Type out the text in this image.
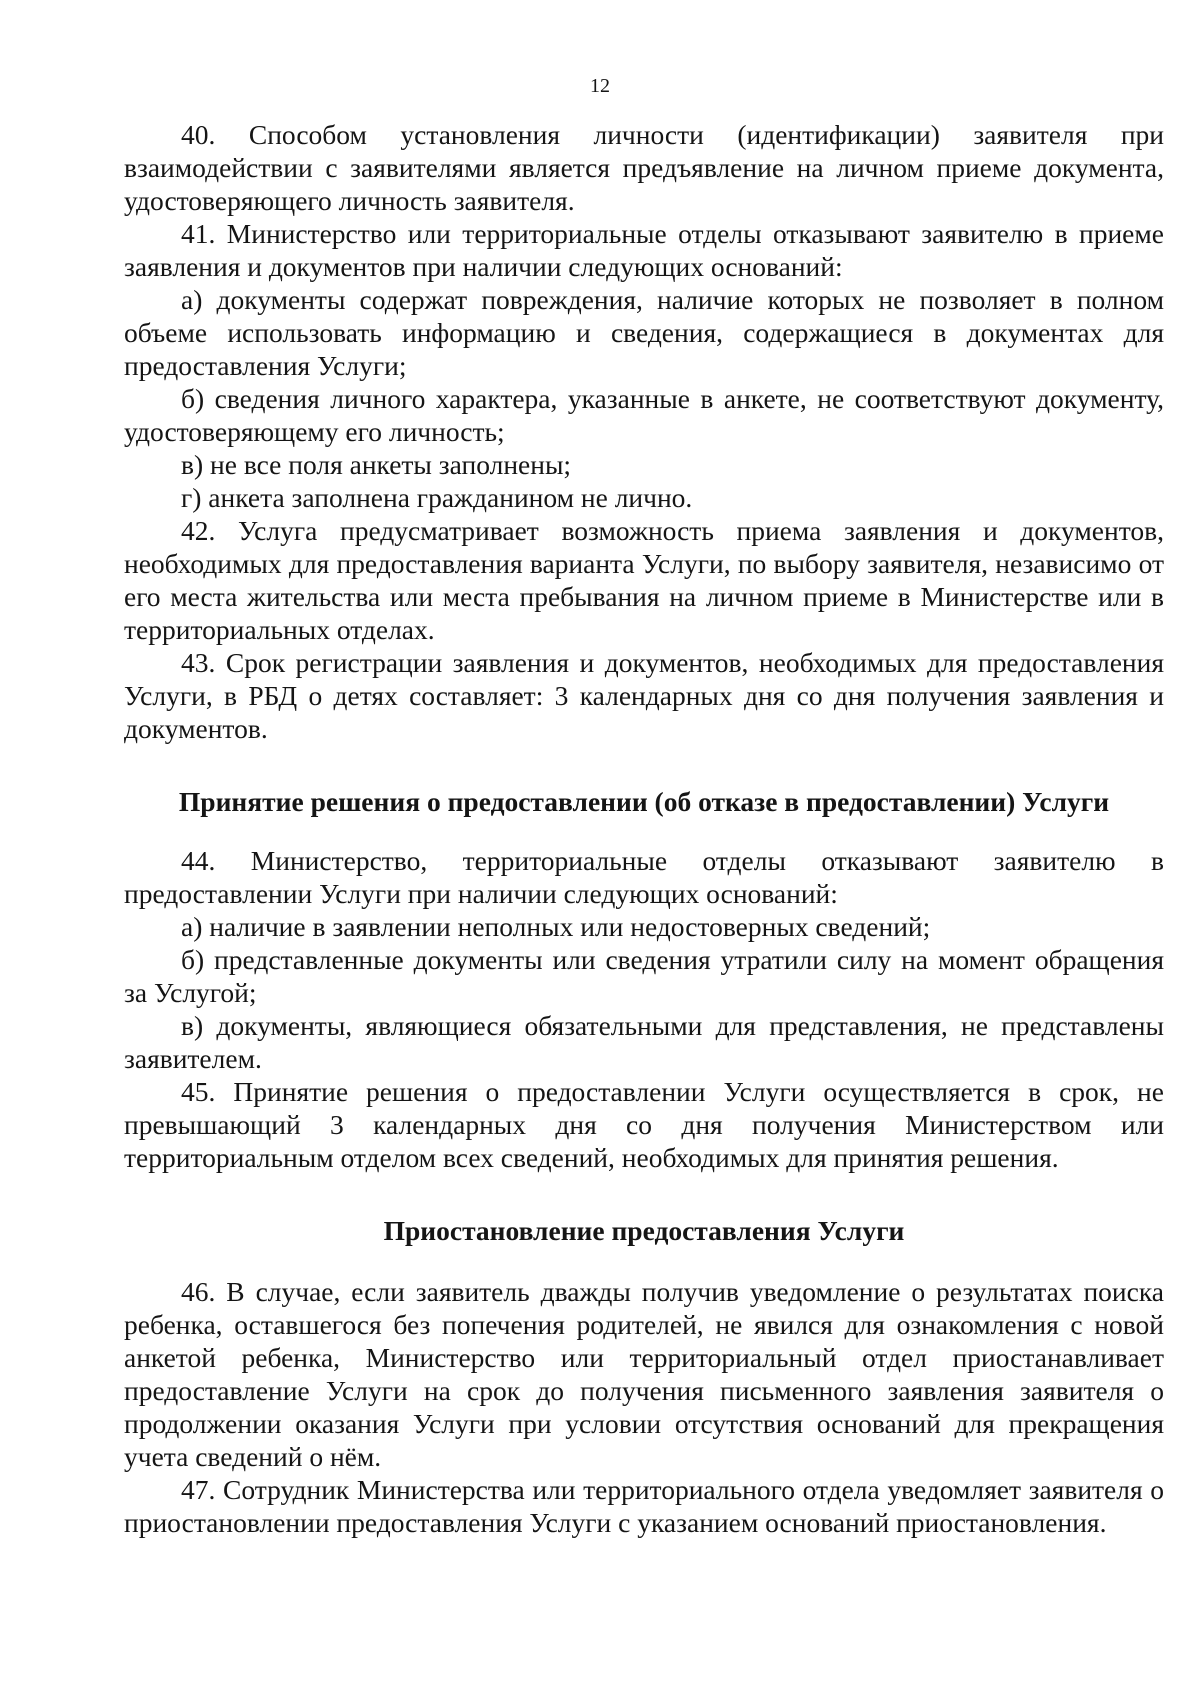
12

40. Способом установления личности (идентификации) заявителя при взаимодействии с заявителями является предъявление на личном приеме документа, удостоверяющего личность заявителя.

41. Министерство или территориальные отделы отказывают заявителю в приеме заявления и документов при наличии следующих оснований:

а) документы содержат повреждения, наличие которых не позволяет в полном объеме использовать информацию и сведения, содержащиеся в документах для предоставления Услуги;

б) сведения личного характера, указанные в анкете, не соответствуют документу, удостоверяющему его личность;

в) не все поля анкеты заполнены;

г) анкета заполнена гражданином не лично.

42. Услуга предусматривает возможность приема заявления и документов, необходимых для предоставления варианта Услуги, по выбору заявителя, независимо от его места жительства или места пребывания на личном приеме в Министерстве или в территориальных отделах.

43. Срок регистрации заявления и документов, необходимых для предоставления Услуги, в РБД о детях составляет: 3 календарных дня со дня получения заявления и документов.

Принятие решения о предоставлении (об отказе в предоставлении) Услуги

44. Министерство, территориальные отделы отказывают заявителю в предоставлении Услуги при наличии следующих оснований:

а) наличие в заявлении неполных или недостоверных сведений;

б) представленные документы или сведения утратили силу на момент обращения за Услугой;

в) документы, являющиеся обязательными для представления, не представлены заявителем.

45. Принятие решения о предоставлении Услуги осуществляется в срок, не превышающий 3 календарных дня со дня получения Министерством или территориальным отделом всех сведений, необходимых для принятия решения.

Приостановление предоставления Услуги

46. В случае, если заявитель дважды получив уведомление о результатах поиска ребенка, оставшегося без попечения родителей, не явился для ознакомления с новой анкетой ребенка, Министерство или территориальный отдел приостанавливает предоставление Услуги на срок до получения письменного заявления заявителя о продолжении оказания Услуги при условии отсутствия оснований для прекращения учета сведений о нём.

47. Сотрудник Министерства или территориального отдела уведомляет заявителя о приостановлении предоставления Услуги с указанием оснований приостановления.
